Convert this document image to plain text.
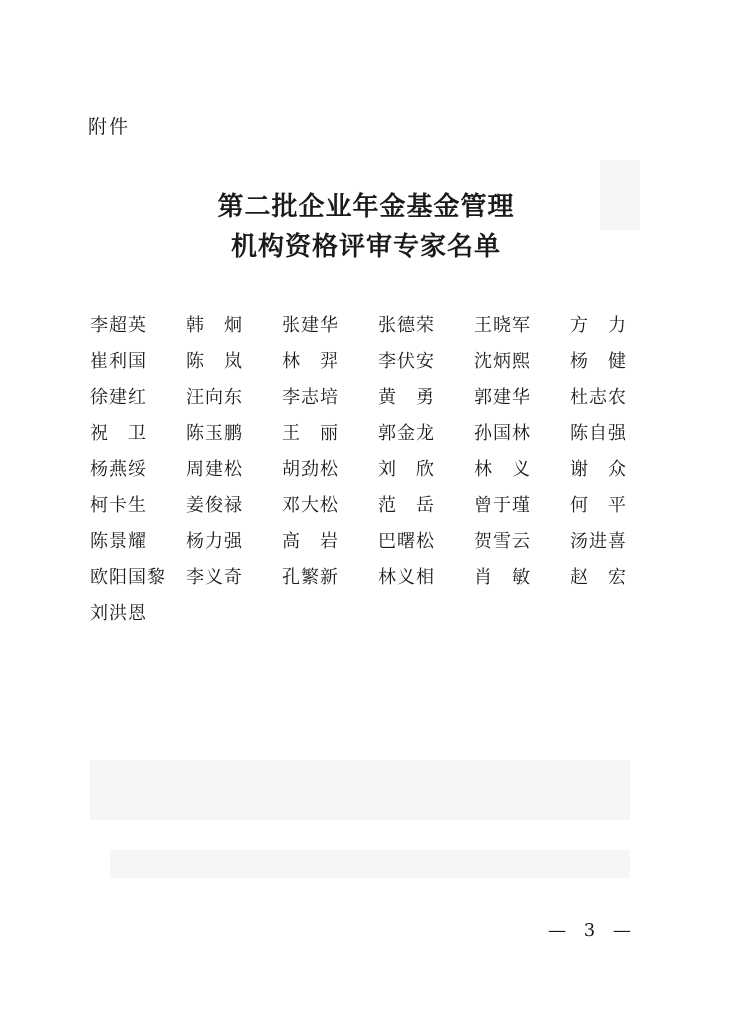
附件
第二批企业年金基金管理
机构资格评审专家名单
李超英	韩　炯	张建华	张德荣	王晓军	方　力
崔利国	陈　岚	林　羿	李伏安	沈炳熙	杨　健
徐建红	汪向东	李志培	黄　勇	郭建华	杜志农
祝　卫	陈玉鹏	王　丽	郭金龙	孙国林	陈自强
杨燕绥	周建松	胡劲松	刘　欣	林　义	谢　众
柯卡生	姜俊禄	邓大松	范　岳	曾于瑾	何　平
陈景耀	杨力强	高　岩	巴曙松	贺雪云	汤进喜
欧阳国黎	李义奇	孔繁新	林义相	肖　敏	赵　宏
刘洪恩
— 3 —
